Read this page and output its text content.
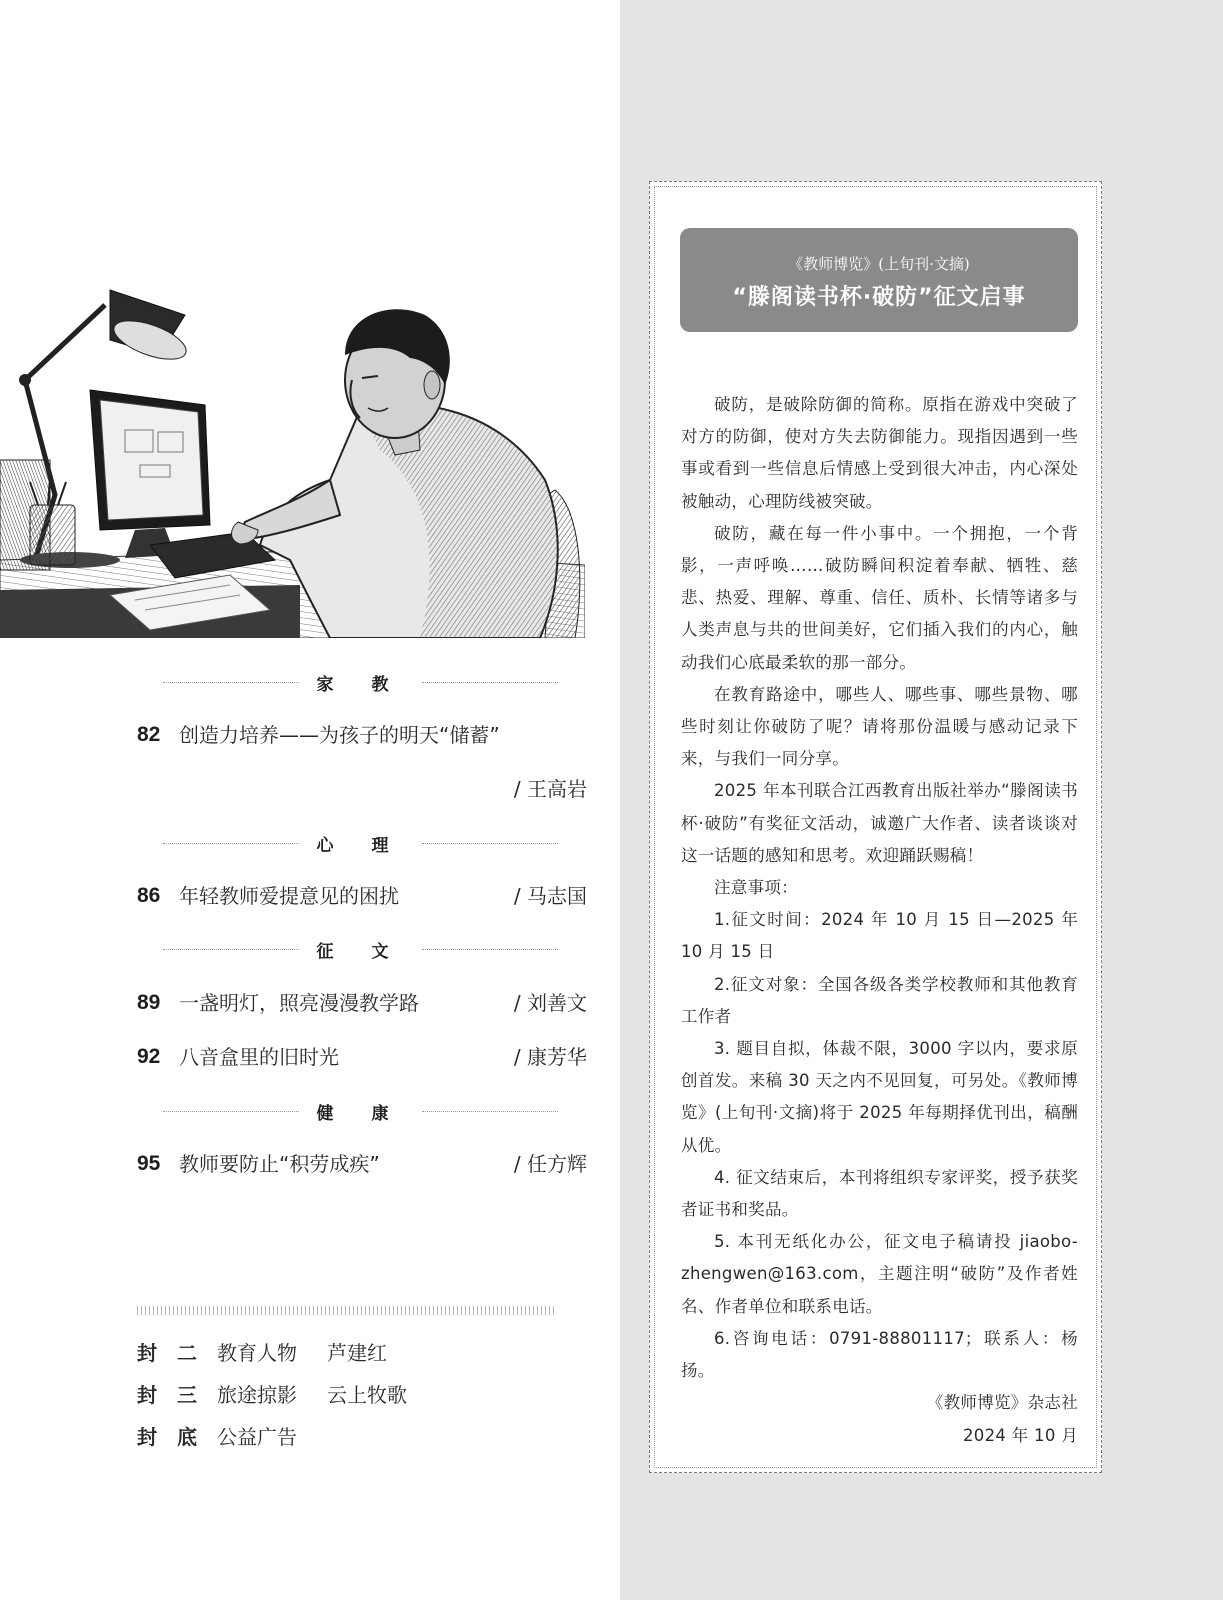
家 教
82 创造力培养——为孩子的明天“储蓄”
/ 王高岩
心 理
86 年轻教师爱提意见的困扰	/ 马志国
征 文
89 一盏明灯，照亮漫漫教学路	/ 刘善文
92 八音盒里的旧时光	/ 康芳华
健 康
95 教师要防止“积劳成疾”	/ 任方辉
封 二 教育人物 芦建红
封 三 旅途掠影 云上牧歌
封 底 公益广告
《教师博览》(上旬刊·文摘)
“滕阁读书杯·破防”征文启事

破防，是破除防御的简称。原指在游戏中突破了对方的防御，使对方失去防御能力。现指因遇到一些事或看到一些信息后情感上受到很大冲击，内心深处被触动，心理防线被突破。

破防，藏在每一件小事中。一个拥抱，一个背影，一声呼唤……破防瞬间积淀着奉献、牺牲、慈悲、热爱、理解、尊重、信任、质朴、长情等诸多与人类声息与共的世间美好，它们插入我们的内心，触动我们心底最柔软的那一部分。

在教育路途中，哪些人、哪些事、哪些景物、哪些时刻让你破防了呢？请将那份温暖与感动记录下来，与我们一同分享。

2025 年本刊联合江西教育出版社举办“滕阁读书杯·破防”有奖征文活动，诚邀广大作者、读者谈谈对这一话题的感知和思考。欢迎踊跃赐稿！

注意事项：

1.征文时间：2024 年 10 月 15 日—2025 年 10 月 15 日

2.征文对象：全国各级各类学校教师和其他教育工作者

3. 题目自拟，体裁不限，3000 字以内，要求原创首发。来稿 30 天之内不见回复，可另处。《教师博览》(上旬刊·文摘)将于 2025 年每期择优刊出，稿酬从优。

4. 征文结束后，本刊将组织专家评奖，授予获奖者证书和奖品。

5. 本刊无纸化办公，征文电子稿请投 jiaobo-zhengwen@163.com，主题注明“破防”及作者姓名、作者单位和联系电话。

6.咨询电话：0791-88801117；联系人：杨扬。

《教师博览》杂志社

2024 年 10 月
